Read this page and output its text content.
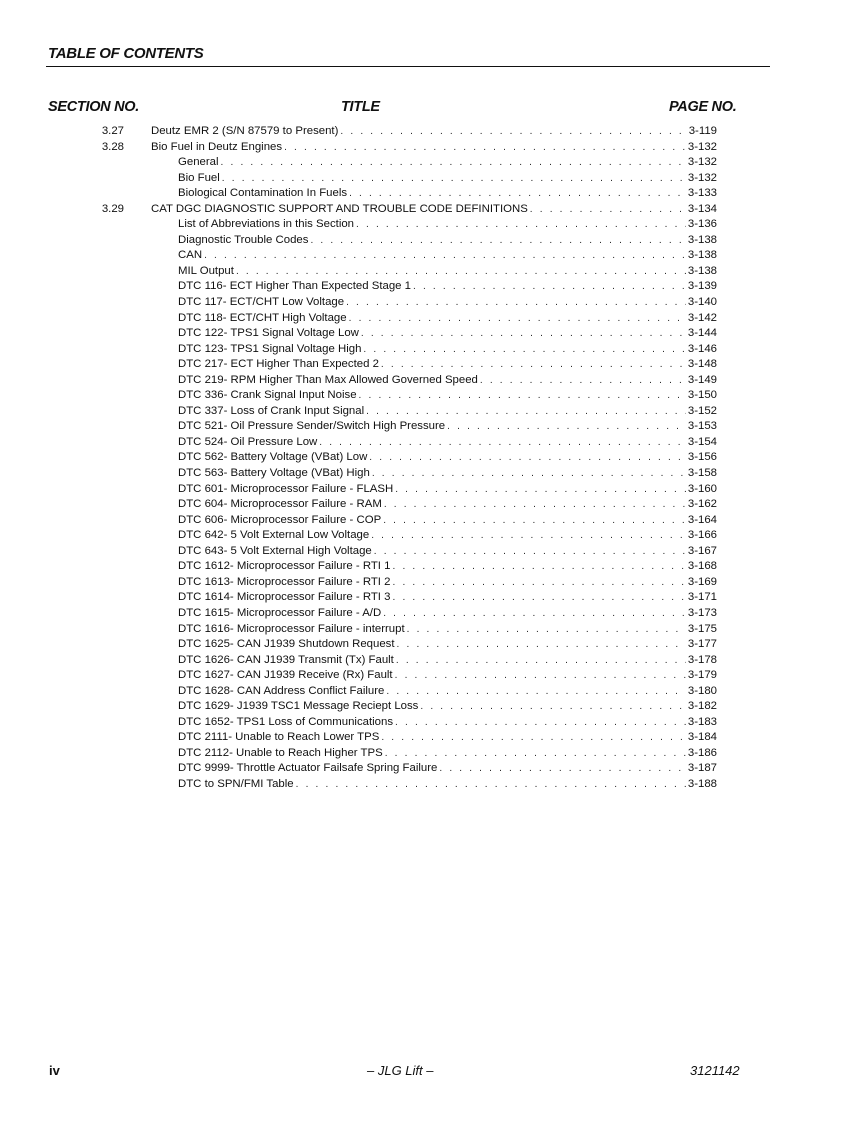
TABLE OF CONTENTS
SECTION NO.	TITLE	PAGE NO.
3.27 Deutz EMR 2 (S/N 87579 to Present) . . .	3-119
3.28 Bio Fuel in Deutz Engines . . .	3-132
General . . .	3-132
Bio Fuel . . .	3-132
Biological Contamination In Fuels . . .	3-133
3.29 CAT DGC DIAGNOSTIC SUPPORT AND TROUBLE CODE DEFINITIONS . . .	3-134
List of Abbreviations in this Section . . .	3-136
Diagnostic Trouble Codes . . .	3-138
CAN . . .	3-138
MIL Output . . .	3-138
DTC 116- ECT Higher Than Expected Stage 1 . . .	3-139
DTC 117- ECT/CHT Low Voltage . . .	3-140
DTC 118- ECT/CHT High Voltage . . .	3-142
DTC 122- TPS1 Signal Voltage Low . . .	3-144
DTC 123- TPS1 Signal Voltage High . . .	3-146
DTC 217- ECT Higher Than Expected 2 . . .	3-148
DTC 219- RPM Higher Than Max Allowed Governed Speed . . .	3-149
DTC 336- Crank Signal Input Noise . . .	3-150
DTC 337- Loss of Crank Input Signal . . .	3-152
DTC 521- Oil Pressure Sender/Switch High Pressure . . .	3-153
DTC 524- Oil Pressure Low . . .	3-154
DTC 562- Battery Voltage (VBat) Low . . .	3-156
DTC 563- Battery Voltage (VBat) High . . .	3-158
DTC 601- Microprocessor Failure - FLASH . . .	3-160
DTC 604- Microprocessor Failure - RAM . . .	3-162
DTC 606- Microprocessor Failure - COP . . .	3-164
DTC 642- 5 Volt External Low Voltage . . .	3-166
DTC 643- 5 Volt External High Voltage . . .	3-167
DTC 1612- Microprocessor Failure - RTI 1 . . .	3-168
DTC 1613- Microprocessor Failure - RTI 2 . . .	3-169
DTC 1614- Microprocessor Failure - RTI 3 . . .	3-171
DTC 1615- Microprocessor Failure - A/D . . .	3-173
DTC 1616- Microprocessor Failure - interrupt . . .	3-175
DTC 1625- CAN J1939 Shutdown Request . . .	3-177
DTC 1626- CAN J1939 Transmit (Tx) Fault . . .	3-178
DTC 1627- CAN J1939 Receive (Rx) Fault . . .	3-179
DTC 1628- CAN Address Conflict Failure . . .	3-180
DTC 1629- J1939 TSC1 Message Reciept Loss . . .	3-182
DTC 1652- TPS1 Loss of Communications . . .	3-183
DTC 2111- Unable to Reach Lower TPS . . .	3-184
DTC 2112- Unable to Reach Higher TPS . . .	3-186
DTC 9999- Throttle Actuator Failsafe Spring Failure . . .	3-187
DTC to SPN/FMI Table . . .	3-188
iv	– JLG Lift –	3121142
